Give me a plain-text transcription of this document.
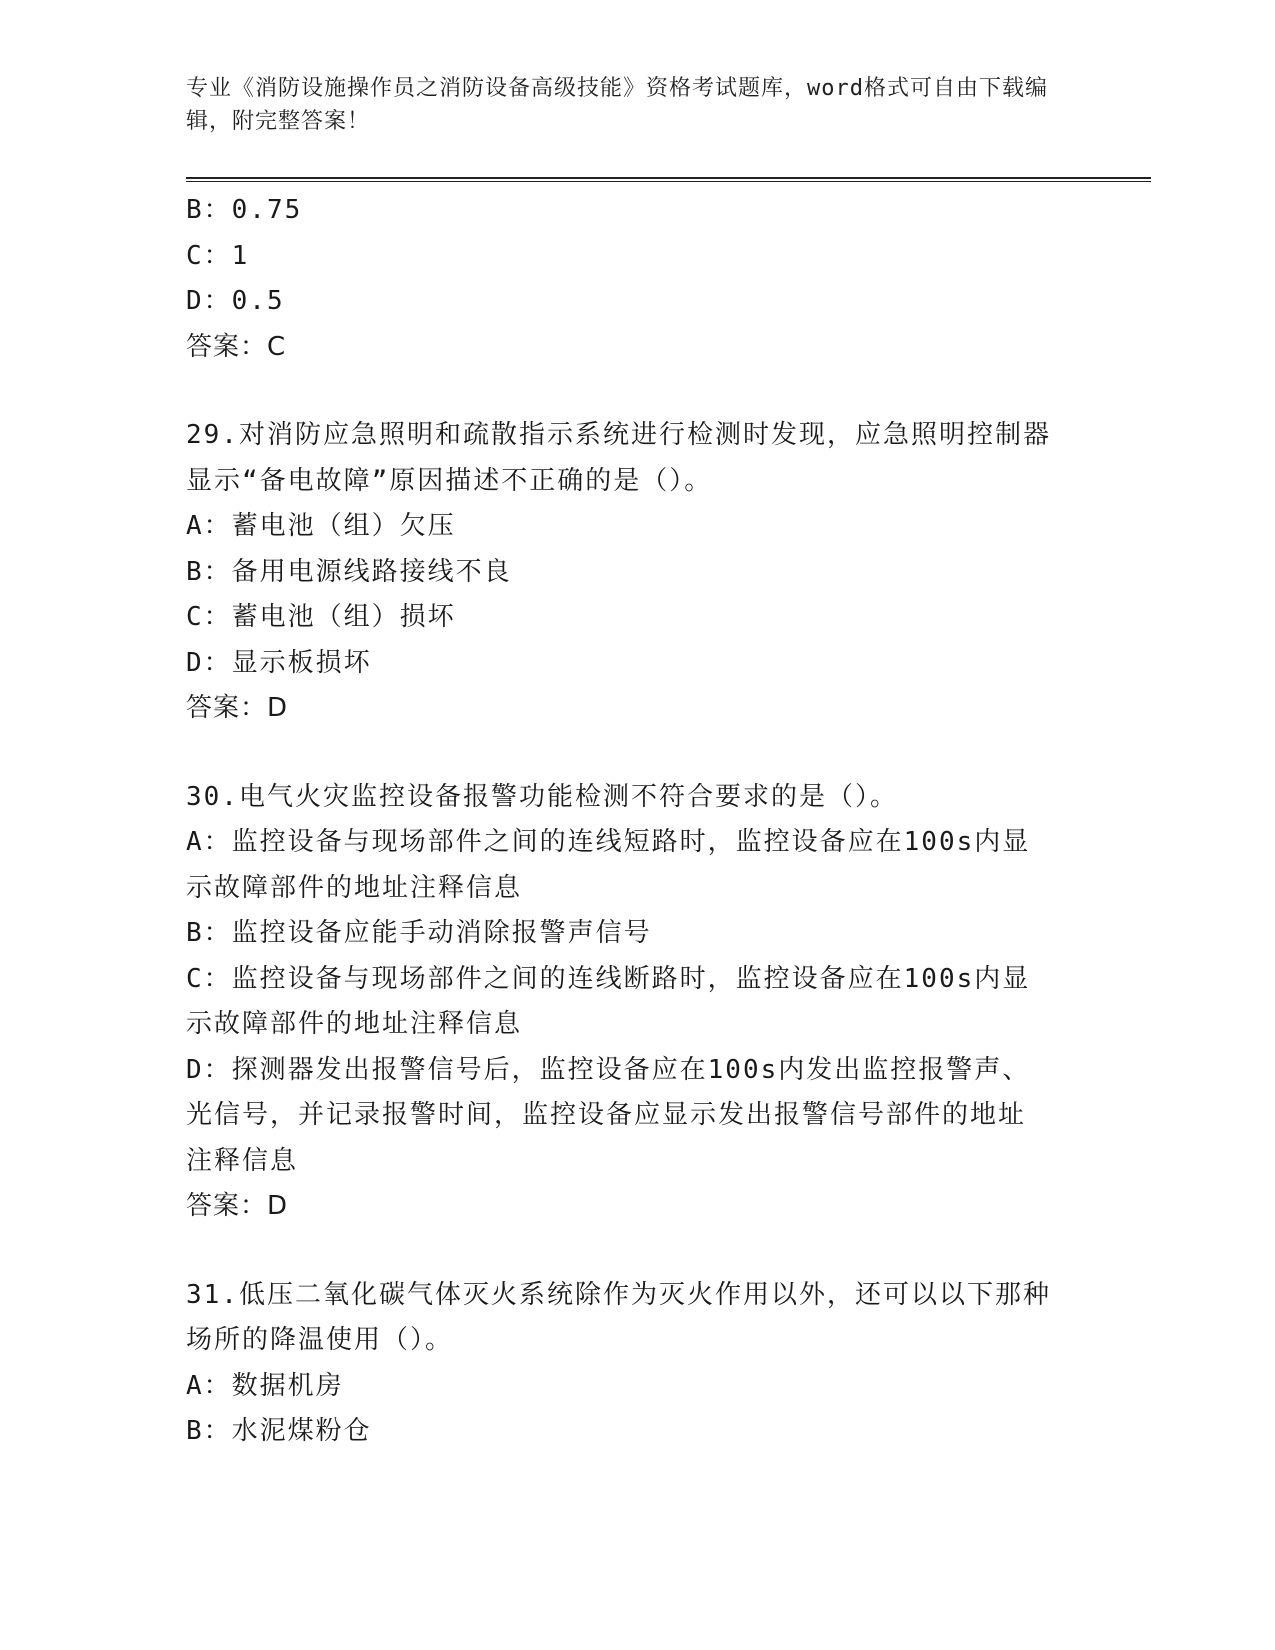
专业《消防设施操作员之消防设备高级技能》资格考试题库，word格式可自由下载编辑，附完整答案！
B：0.75
C：1
D：0.5
答案：C
29.对消防应急照明和疏散指示系统进行检测时发现，应急照明控制器
显示“备电故障”原因描述不正确的是（）。
A：蓄电池（组）欠压
B：备用电源线路接线不良
C：蓄电池（组）损坏
D：显示板损坏
答案：D
30.电气火灾监控设备报警功能检测不符合要求的是（）。
A：监控设备与现场部件之间的连线短路时，监控设备应在100s内显
示故障部件的地址注释信息
B：监控设备应能手动消除报警声信号
C：监控设备与现场部件之间的连线断路时，监控设备应在100s内显
示故障部件的地址注释信息
D：探测器发出报警信号后，监控设备应在100s内发出监控报警声、
光信号，并记录报警时间，监控设备应显示发出报警信号部件的地址
注释信息
答案：D
31.低压二氧化碳气体灭火系统除作为灭火作用以外，还可以以下那种
场所的降温使用（）。
A：数据机房
B：水泥煤粉仓
